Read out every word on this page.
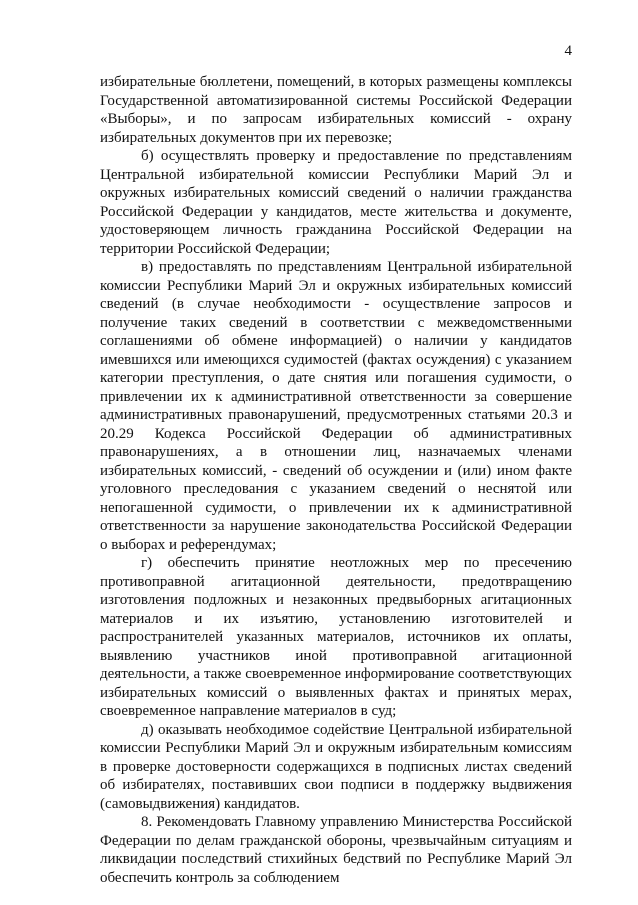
4

избирательные бюллетени, помещений, в которых размещены комплексы Государственной автоматизированной системы Российской Федерации «Выборы», и по запросам избирательных комиссий - охрану избирательных документов при их перевозке;

б) осуществлять проверку и предоставление по представлениям Центральной избирательной комиссии Республики Марий Эл и окружных избирательных комиссий сведений о наличии гражданства Российской Федерации у кандидатов, месте жительства и документе, удостоверяющем личность гражданина Российской Федерации на территории Российской Федерации;

в) предоставлять по представлениям Центральной избирательной комиссии Республики Марий Эл и окружных избирательных комиссий сведений (в случае необходимости - осуществление запросов и получение таких сведений в соответствии с межведомственными соглашениями об обмене информацией) о наличии у кандидатов имевшихся или имеющихся судимостей (фактах осуждения) с указанием категории преступления, о дате снятия или погашения судимости, о привлечении их к административной ответственности за совершение административных правонарушений, предусмотренных статьями 20.3 и 20.29 Кодекса Российской Федерации об административных правонарушениях, а в отношении лиц, назначаемых членами избирательных комиссий, - сведений об осуждении и (или) ином факте уголовного преследования с указанием сведений о неснятой или непогашенной судимости, о привлечении их к административной ответственности за нарушение законодательства Российской Федерации о выборах и референдумах;

г) обеспечить принятие неотложных мер по пресечению противоправной агитационной деятельности, предотвращению изготовления подложных и незаконных предвыборных агитационных материалов и их изъятию, установлению изготовителей и распространителей указанных материалов, источников их оплаты, выявлению участников иной противоправной агитационной деятельности, а также своевременное информирование соответствующих избирательных комиссий о выявленных фактах и принятых мерах, своевременное направление материалов в суд;

д) оказывать необходимое содействие Центральной избирательной комиссии Республики Марий Эл и окружным избирательным комиссиям в проверке достоверности содержащихся в подписных листах сведений об избирателях, поставивших свои подписи в поддержку выдвижения (самовыдвижения) кандидатов.

8. Рекомендовать Главному управлению Министерства Российской Федерации по делам гражданской обороны, чрезвычайным ситуациям и ликвидации последствий стихийных бедствий по Республике Марий Эл обеспечить контроль за соблюдением
